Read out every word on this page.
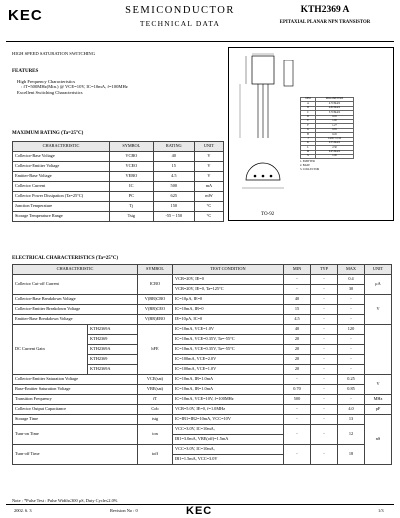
KEC	SEMICONDUCTOR
TECHNICAL DATA
KTH2369 A
EPITAXIAL PLANAR NPN TRANSISTOR
HIGH SPEED SATURATION SWITCHING
FEATURES
High Frequency Characteristics
: fT=500MHz(Min.) @ VCE=10V, IC=10mA, f=100MHz
Excellent Switching Characteristics
MAXIMUM RATING (Ta=25°C)
CHARACTERISTIC	SYMBOL	RATING	UNIT
Collector-Base Voltage	VCBO	40	V
Collector-Emitter Voltage	VCEO	15	V
Emitter-Base Voltage	VEBO	4.5	V
Collector Current	IC	500	mA
Collector Power Dissipation (Ta=25°C)	PC	625	mW
Junction Temperature	Tj	150	°C
Storage Temperature Range	Tstg	-55 ~ 150	°C	TO-92
DIM	MILLIMETERS
A	4.70 MAX
B	4.80 MAX
C	3.70 MAX
D	0.45
E	1.00
F	1.27
G	0.85
H	0.45
J	14.00 ± 0.50
K	0.55 MAX
L	2.30
M	0.45 MAX
N	1.00
1. EMITTER
2. BASE
3. COLLECTOR
ELECTRICAL CHARACTERISTICS (Ta=25°C)
CHARACTERISTIC		SYMBOL	TEST CONDITION	MIN	TYP	MAX	UNIT
Collector Cut-off Current		ICBO	VCB=20V, IE=0	-	-	0.4	μA
			VCB=20V, IE=0, Ta=125°C	-	-	30	
Collector-Base Breakdown Voltage		V(BR)CBO	IC=10μA, IE=0	40	-	-	V
Collector-Emitter Breakdown Voltage		V(BR)CEO	IC=10mA, IB=0	15	-	-	
Emitter-Base Breakdown Voltage		V(BR)EBO	IE=10μA, IC=0	4.5	-	-	
DC Current Gain	KTH2369A	hFE	IC=10mA, VCE=1.0V	40	-	120	
	KTH2369		IC=10mA, VCE=0.35V, Ta=-55°C	20	-	-	
	KTH2369A		IC=10mA, VCE=0.35V, Ta=-55°C	20	-	-	
	KTH2369		IC=100mA, VCE=2.0V	20	-	-	
	KTH2369A		IC=100mA, VCE=1.0V	20	-	-	
Collector-Emitter Saturation Voltage		VCE(sat)	IC=10mA, IB=1.0mA	-	-	0.25	V
Base-Emitter Saturation Voltage		VBE(sat)	IC=10mA, IB=1.0mA	0.70	-	0.85	
Transition Frequency		fT	IC=10mA, VCE=10V, f=100MHz	500	-	-	MHz
Collector Output Capacitance		Cob	VCB=5.0V, IE=0, f=1.0MHz	-	-	4.0	pF
Storage Time		tstg	IC=IB1=IB2=10mA, VCC=10V	-	-	13	nS
Turn-on Time		ton	VCC=3.0V, IC=10mA,	-	-	12	
			IB1=3.0mA, VBE(off)=1.5mA				
Turn-off Time		toff	VCC=3.0V, IC=10mA,	-	-	18	
			IB1=1.5mA, VCC=3.0V				
Note : *Pulse Test : Pulse Width≤300 μS, Duty Cycle≤2.0%
2002. 6. 3	Revision No : 0	KEC	1/3
